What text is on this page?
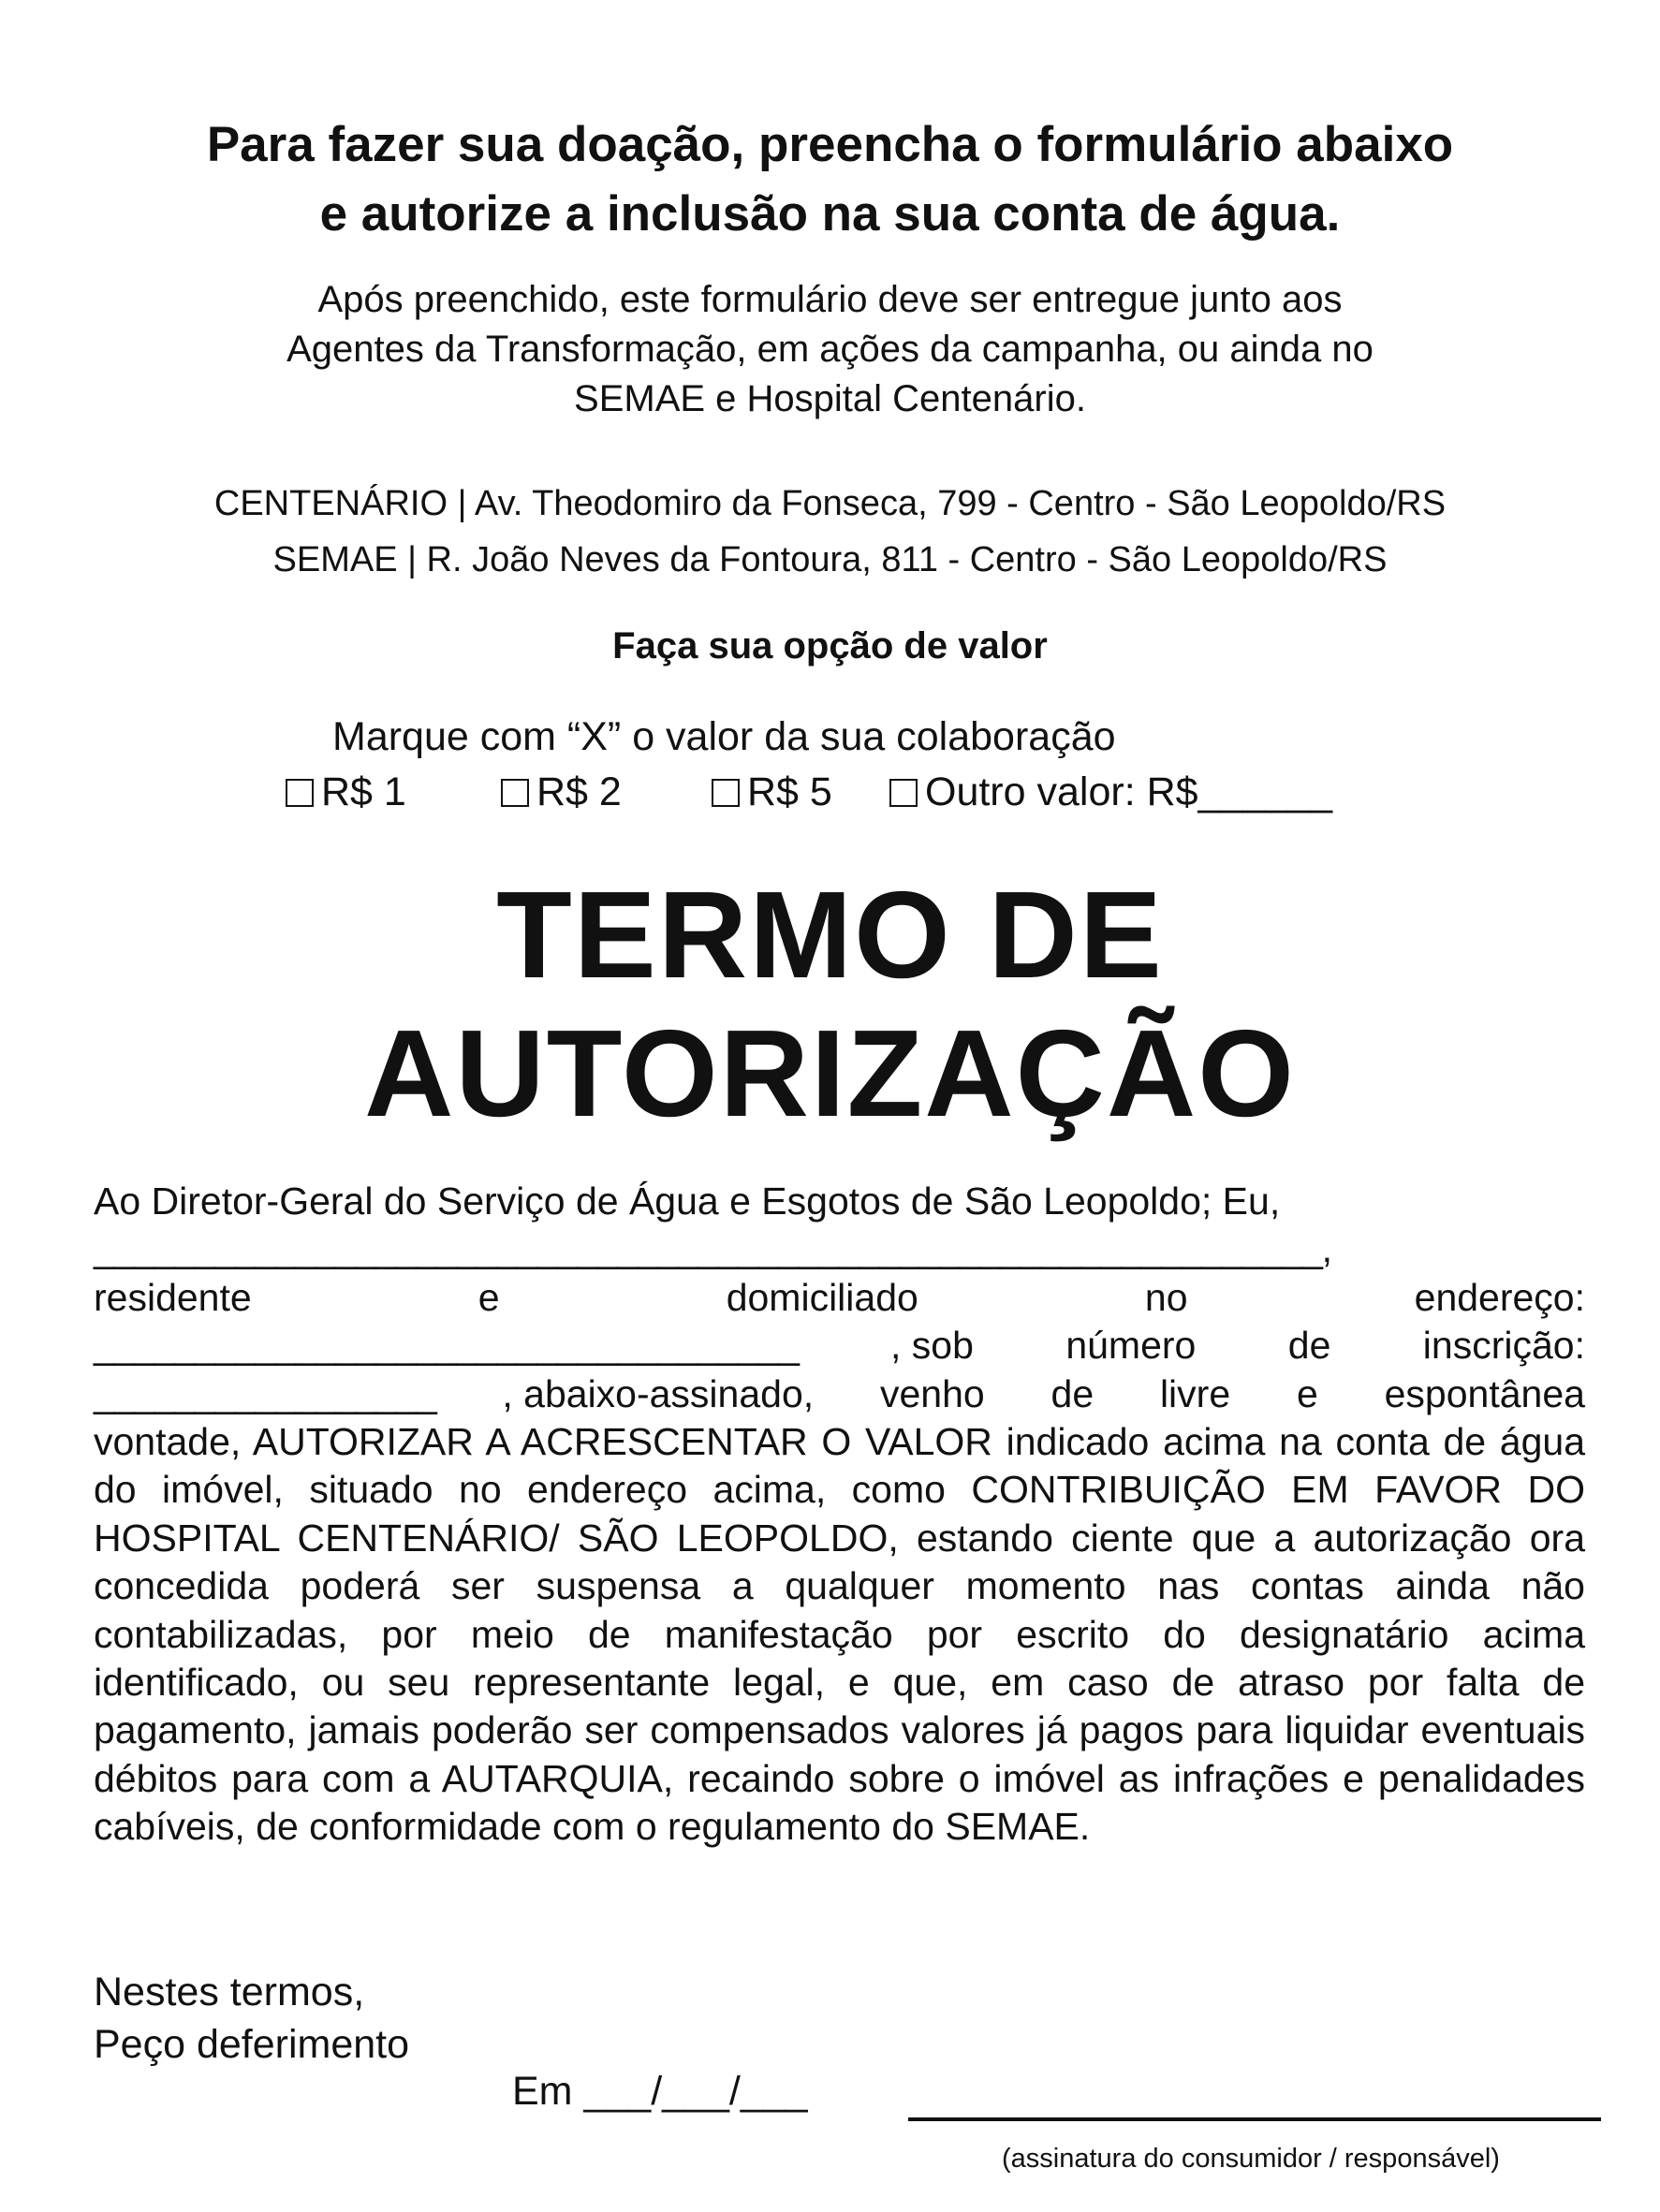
Para fazer sua doação, preencha o formulário abaixo
e autorize a inclusão na sua conta de água.
Após preenchido, este formulário deve ser entregue junto aos
Agentes da Transformação, em ações da campanha, ou ainda no
SEMAE e Hospital Centenário.
CENTENÁRIO | Av. Theodomiro da Fonseca, 799 - Centro - São Leopoldo/RS
SEMAE | R. João Neves da Fontoura, 811 - Centro - São Leopoldo/RS
Faça sua opção de valor
Marque com “X” o valor da sua colaboração
R$ 1	R$ 2	R$ 5 Outro valor: R$______
TERMO DE
AUTORIZAÇÃO

Ao Diretor-Geral do Serviço de Água e Esgotos de São Leopoldo; Eu,

_____________________________________________________________,

residente	e	domiciliado	no	endereço:
___________________________________ , sob número de inscrição:
_________________ , abaixo-assinado, venho de livre e espontânea

vontade, AUTORIZAR A ACRESCENTAR O VALOR indicado acima na conta de água do imóvel, situado no endereço acima, como CONTRIBUIÇÃO EM FAVOR DO HOSPITAL CENTENÁRIO/ SÃO LEOPOLDO, estando ciente que a autorização ora concedida poderá ser suspensa a qualquer momento nas contas ainda não contabilizadas, por meio de manifestação por escrito do designatário acima identificado, ou seu representante legal, e que, em caso de atraso por falta de pagamento, jamais poderão ser compensados valores já pagos para liquidar eventuais débitos para com a AUTARQUIA, recaindo sobre o imóvel as infrações e penalidades cabíveis, de conformidade com o regulamento do SEMAE.

Nestes termos,
Peço deferimento
Em ___/___/___
(assinatura do consumidor / responsável)
